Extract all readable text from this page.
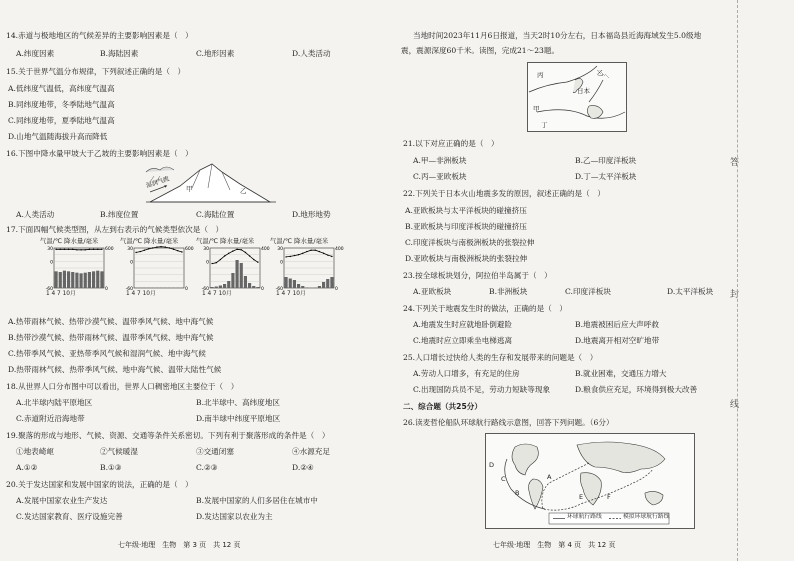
14.赤道与极地地区的气候差异的主要影响因素是（　）
A.纬度因素	B.海陆因素	C.地形因素	D.人类活动
15.关于世界气温分布规律，下列叙述正确的是（　）
A.低纬度气温低，高纬度气温高
B.同纬度地带，冬季陆地气温高
C.同纬度地带，夏季陆地气温高
D.山地气温随海拔升高而降低
16.下图中降水量甲坡大于乙坡的主要影响因素是（　）
湿润气流 甲	乙
A.人类活动	B.纬度位置	C.海陆位置	D.地形地势
17.下面四幅气候类型图，从左到右表示的气候类型依次是（　）
气温/℃ 降水量/毫米
30
0
-60
600
0
1 4 7 10月
气温/℃ 降水量/毫米
30
0
-60
600
0
1 4 7 10月
气温/℃ 降水量/毫米
30
0
-60
400
0
1 4 7 10月
气温/℃ 降水量/毫米
30
0
-60
400
0
1 4 7 10月
A.热带雨林气候、热带沙漠气候、温带季风气候、地中海气候
B.热带沙漠气候、热带雨林气候、温带季风气候、地中海气候
C.热带季风气候、亚热带季风气候和湿润气候、地中海气候
D.热带雨林气候、热带季风气候、地中海气候、温带大陆性气候
18.从世界人口分布图中可以看出，世界人口稠密地区主要位于（　）
A.北半球内陆平原地区	B.北半球中、高纬度地区
C.赤道附近沿海地带	D.南半球中纬度平原地区
19.聚落的形成与地形、气候、资源、交通等条件关系密切。下列有利于聚落形成的条件是（　）
①地表崎岖	②气候暖湿	③交通闭塞	④水源充足
A.①②	B.①③	C.②③	D.②④
20.关于发达国家和发展中国家的说法，正确的是（　）
A.发展中国家农业生产发达	B.发展中国家的人们多居住在城市中
C.发达国家教育、医疗设施完善	D.发达国家以农业为主
七年级·地理　生物　第 3 页　共 12 页
当地时间2023年11月6日报道，当天2时10分左右，日本福岛县近海海域发生5.0级地
震，震源深度60千米。读图，完成21～23题。
丙	乙
日本
甲
丁
21.以下对应正确的是（　）
A.甲—非洲板块	B.乙—印度洋板块
C.丙—亚欧板块	D.丁—太平洋板块
22.下列关于日本火山地震多发的原因，叙述正确的是（　）
A.亚欧板块与太平洋板块的碰撞挤压
B.亚欧板块与印度洋板块的碰撞挤压
C.印度洋板块与南极洲板块的张裂拉伸
D.亚欧板块与南极洲板块的张裂拉伸
23.按全球板块划分，阿拉伯半岛属于（　）
A.亚欧板块	B.非洲板块	C.印度洋板块	D.太平洋板块
24.下列关于地震发生时的做法，正确的是（　）
A.地震发生时应就地卧倒避险	B.地震被困后应大声呼救
C.地震时应立即乘坐电梯逃离	D.地震离开相对空旷地带
25.人口增长过快给人类的生存和发展带来的问题是（　）
A.劳动人口增多，有充足的住房	B.就业困难，交通压力增大
C.出现国防兵员不足，劳动力短缺等现象	D.粮食供应充足，环境得到极大改善
二、综合题（共25分）
26.读麦哲伦船队环球航行路线示意图，回答下列问题。（6分）
A
B
C
D
E	F
环球航行路线	模拟环球航行路线
七年级·地理　生物　第 4 页　共 12 页
答
封
线
